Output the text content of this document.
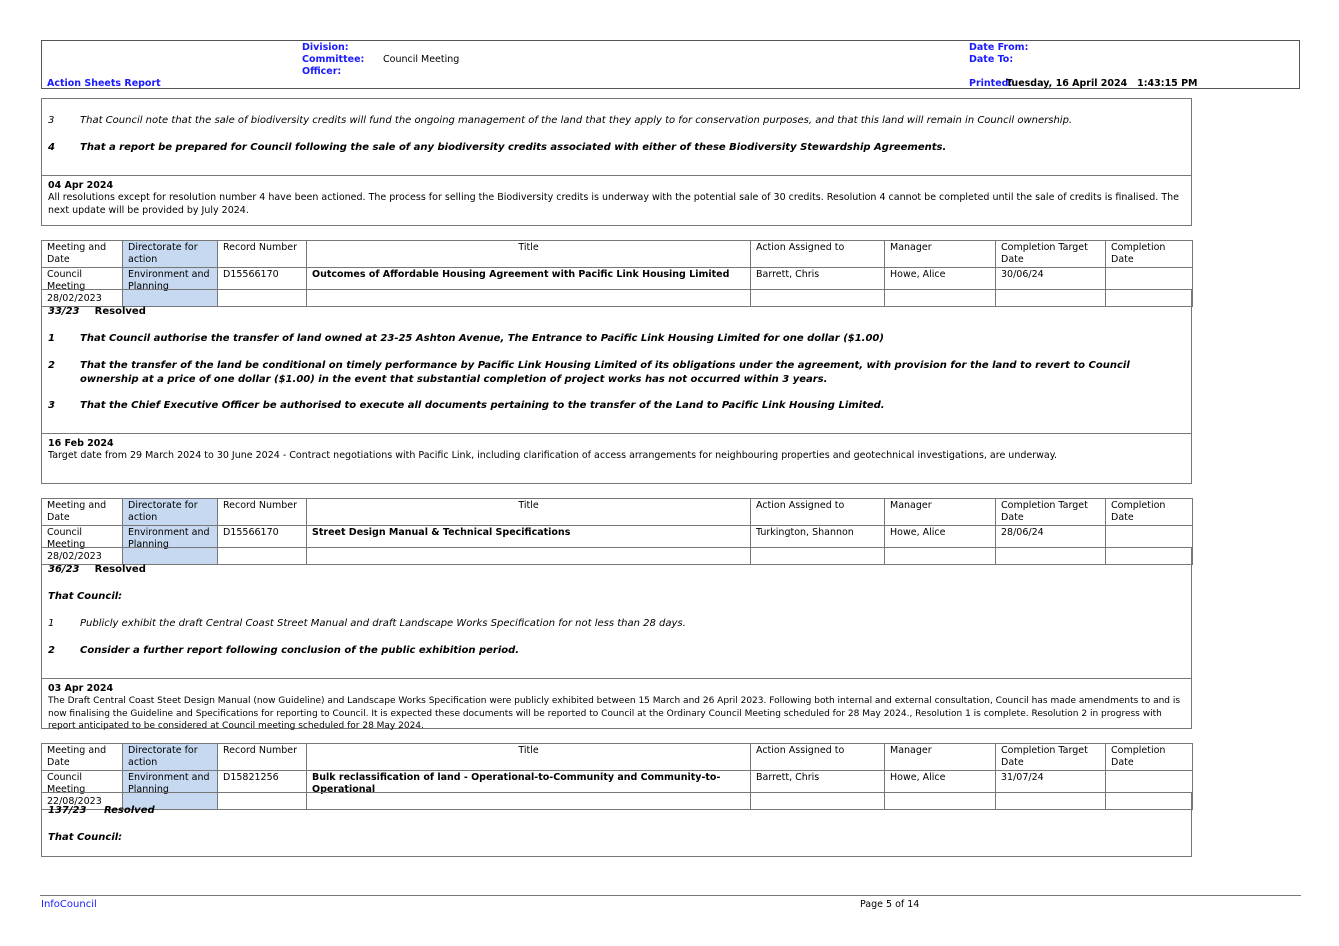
Division:
Committee: Council Meeting
Officer:
Action Sheets Report
Date From:
Date To:
Printed:
Tuesday, 16 April 2024   1:43:15 PM
3	That Council note that the sale of biodiversity credits will fund the ongoing management of the land that they apply to for conservation purposes, and that this land will remain in Council ownership.
4	That a report be prepared for Council following the sale of any biodiversity credits associated with either of these Biodiversity Stewardship Agreements.
04 Apr 2024
All resolutions except for resolution number 4 have been actioned. The process for selling the Biodiversity credits is underway with the potential sale of 30 credits. Resolution 4 cannot be completed until the sale of credits is finalised. The next update will be provided by July 2024.
Meeting and Date	Directorate for action	Record Number	Title	Action Assigned to	Manager	Completion Target Date	Completion Date
Council Meeting 28/02/2023	Environment and Planning	D15566170	Outcomes of Affordable Housing Agreement with Pacific Link Housing Limited	Barrett, Chris	Howe, Alice	30/06/24	
33/23 Resolved
1	That Council authorise the transfer of land owned at 23-25 Ashton Avenue, The Entrance to Pacific Link Housing Limited for one dollar ($1.00)
2	That the transfer of the land be conditional on timely performance by Pacific Link Housing Limited of its obligations under the agreement, with provision for the land to revert to Council ownership at a price of one dollar ($1.00) in the event that substantial completion of project works has not occurred within 3 years.
3	That the Chief Executive Officer be authorised to execute all documents pertaining to the transfer of the Land to Pacific Link Housing Limited.
16 Feb 2024
Target date from 29 March 2024 to 30 June 2024 - Contract negotiations with Pacific Link, including clarification of access arrangements for neighbouring properties and geotechnical investigations, are underway.
Meeting and Date	Directorate for action	Record Number	Title	Action Assigned to	Manager	Completion Target Date	Completion Date
Council Meeting 28/02/2023	Environment and Planning	D15566170	Street Design Manual & Technical Specifications	Turkington, Shannon	Howe, Alice	28/06/24	
36/23 Resolved
That Council:
1	Publicly exhibit the draft Central Coast Street Manual and draft Landscape Works Specification for not less than 28 days.
2	Consider a further report following conclusion of the public exhibition period.
03 Apr 2024
The Draft Central Coast Steet Design Manual (now Guideline) and Landscape Works Specification were publicly exhibited between 15 March and 26 April 2023. Following both internal and external consultation, Council has made amendments to and is now finalising the Guideline and Specifications for reporting to Council. It is expected these documents will be reported to Council at the Ordinary Council Meeting scheduled for 28 May 2024., Resolution 1 is complete. Resolution 2 in progress with report anticipated to be considered at Council meeting scheduled for 28 May 2024.
Meeting and Date	Directorate for action	Record Number	Title	Action Assigned to	Manager	Completion Target Date	Completion Date
Council Meeting 22/08/2023	Environment and Planning	D15821256	Bulk reclassification of land - Operational-to-Community and Community-to-Operational	Barrett, Chris	Howe, Alice	31/07/24	
137/23 Resolved
That Council:
InfoCouncil	Page 5 of 14
